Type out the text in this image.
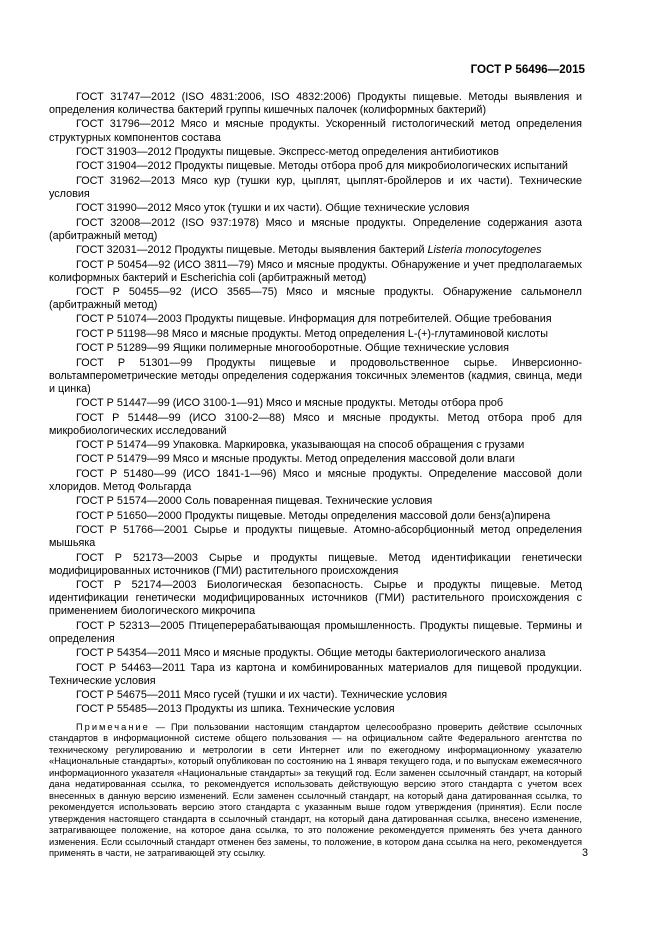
ГОСТ Р 56496—2015

ГОСТ 31747—2012 (ISO 4831:2006, ISO 4832:2006) Продукты пищевые. Методы выявления и определения количества бактерий группы кишечных палочек (колиформных бактерий)

ГОСТ 31796—2012 Мясо и мясные продукты. Ускоренный гистологический метод определения структурных компонентов состава

ГОСТ 31903—2012 Продукты пищевые. Экспресс-метод определения антибиотиков

ГОСТ 31904—2012 Продукты пищевые. Методы отбора проб для микробиологических испытаний

ГОСТ 31962—2013 Мясо кур (тушки кур, цыплят, цыплят-бройлеров и их части). Технические условия

ГОСТ 31990—2012 Мясо уток (тушки и их части). Общие технические условия

ГОСТ 32008—2012 (ISO 937:1978) Мясо и мясные продукты. Определение содержания азота (арбитражный метод)

ГОСТ 32031—2012 Продукты пищевые. Методы выявления бактерий Listeria monocytogenes

ГОСТ Р 50454—92 (ИСО 3811—79) Мясо и мясные продукты. Обнаружение и учет предполагаемых колиформных бактерий и Escherichia coli (арбитражный метод)

ГОСТ Р 50455—92 (ИСО 3565—75) Мясо и мясные продукты. Обнаружение сальмонелл (арбитражный метод)

ГОСТ Р 51074—2003 Продукты пищевые. Информация для потребителей. Общие требования

ГОСТ Р 51198—98 Мясо и мясные продукты. Метод определения L-(+)-глутаминовой кислоты

ГОСТ Р 51289—99 Ящики полимерные многооборотные. Общие технические условия

ГОСТ Р 51301—99 Продукты пищевые и продовольственное сырье. Инверсионно- вольтамперометрические методы определения содержания токсичных элементов (кадмия, свинца, меди и цинка)

ГОСТ Р 51447—99 (ИСО 3100-1—91) Мясо и мясные продукты. Методы отбора проб

ГОСТ Р 51448—99 (ИСО 3100-2—88) Мясо и мясные продукты. Метод отбора проб для микробиологических исследований

ГОСТ Р 51474—99 Упаковка. Маркировка, указывающая на способ обращения с грузами

ГОСТ Р 51479—99 Мясо и мясные продукты. Метод определения массовой доли влаги

ГОСТ Р 51480—99 (ИСО 1841-1—96) Мясо и мясные продукты. Определение массовой доли хлоридов. Метод Фольгарда

ГОСТ Р 51574—2000 Соль поваренная пищевая. Технические условия

ГОСТ Р 51650—2000 Продукты пищевые. Методы определения массовой доли бенз(а)пирена

ГОСТ Р 51766—2001 Сырье и продукты пищевые. Атомно-абсорбционный метод определения мышьяка

ГОСТ Р 52173—2003 Сырье и продукты пищевые. Метод идентификации генетически модифицированных источников (ГМИ) растительного происхождения

ГОСТ Р 52174—2003 Биологическая безопасность. Сырье и продукты пищевые. Метод идентификации генетически модифицированных источников (ГМИ) растительного происхождения с применением биологического микрочипа

ГОСТ Р 52313—2005 Птицеперерабатывающая промышленность. Продукты пищевые. Термины и определения

ГОСТ Р 54354—2011 Мясо и мясные продукты. Общие методы бактериологического анализа

ГОСТ Р 54463—2011 Тара из картона и комбинированных материалов для пищевой продукции. Технические условия

ГОСТ Р 54675—2011 Мясо гусей (тушки и их части). Технические условия

ГОСТ Р 55485—2013 Продукты из шпика. Технические условия

Примечание — При пользовании настоящим стандартом целесообразно проверить действие ссылочных стандартов в информационной системе общего пользования — на официальном сайте Федерального агентства по техническому регулированию и метрологии в сети Интернет или по ежегодному информационному указателю «Национальные стандарты», который опубликован по состоянию на 1 января текущего года, и по выпускам ежемесячного информационного указателя «Национальные стандарты» за текущий год. Если заменен ссылочный стандарт, на который дана недатированная ссылка, то рекомендуется использовать действующую версию этого стандарта с учетом всех внесенных в данную версию изменений. Если заменен ссылочный стандарт, на который дана датированная ссылка, то рекомендуется использовать версию этого стандарта с указанным выше годом утверждения (принятия). Если после утверждения настоящего стандарта в ссылочный стандарт, на который дана датированная ссылка, внесено изменение, затрагивающее положение, на которое дана ссылка, то это положение рекомендуется применять без учета данного изменения. Если ссылочный стандарт отменен без замены, то положение, в котором дана ссылка на него, рекомендуется применять в части, не затрагивающей эту ссылку.	3
